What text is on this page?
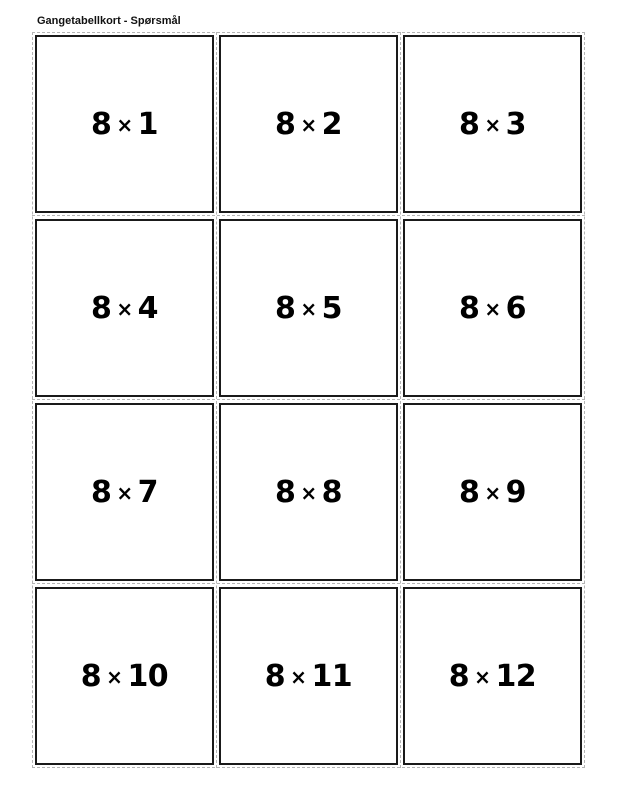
Gangetabellkort - Spørsmål
8 × 1	8 × 2	8 × 3
8 × 4	8 × 5	8 × 6
8 × 7	8 × 8	8 × 9
8 × 10	8 × 11	8 × 12
